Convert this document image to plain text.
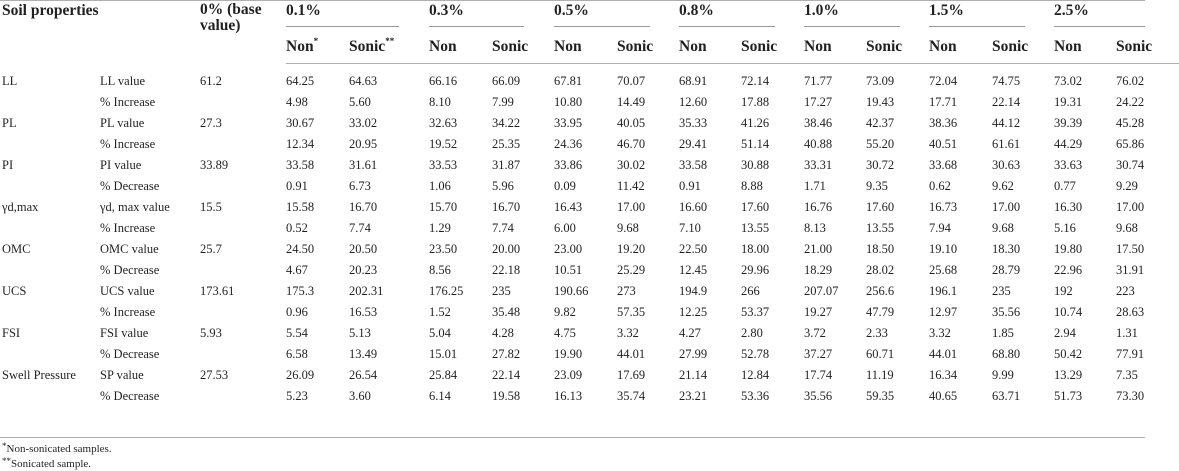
Soil properties		0% (base value)	0.1%		0.3%		0.5%		0.8%		1.0%		1.5%		2.5%	
			Non*	Sonic**	Non	Sonic	Non	Sonic	Non	Sonic	Non	Sonic	Non	Sonic	Non	Sonic
LL	LL value	61.2	64.25	64.63	66.16	66.09	67.81	70.07	68.91	72.14	71.77	73.09	72.04	74.75	73.02	76.02
	% Increase		4.98	5.60	8.10	7.99	10.80	14.49	12.60	17.88	17.27	19.43	17.71	22.14	19.31	24.22
PL	PL value	27.3	30.67	33.02	32.63	34.22	33.95	40.05	35.33	41.26	38.46	42.37	38.36	44.12	39.39	45.28
	% Increase		12.34	20.95	19.52	25.35	24.36	46.70	29.41	51.14	40.88	55.20	40.51	61.61	44.29	65.86
PI	PI value	33.89	33.58	31.61	33.53	31.87	33.86	30.02	33.58	30.88	33.31	30.72	33.68	30.63	33.63	30.74
	% Decrease		0.91	6.73	1.06	5.96	0.09	11.42	0.91	8.88	1.71	9.35	0.62	9.62	0.77	9.29
γd,max	γd, max value	15.5	15.58	16.70	15.70	16.70	16.43	17.00	16.60	17.60	16.76	17.60	16.73	17.00	16.30	17.00
	% Increase		0.52	7.74	1.29	7.74	6.00	9.68	7.10	13.55	8.13	13.55	7.94	9.68	5.16	9.68
OMC	OMC value	25.7	24.50	20.50	23.50	20.00	23.00	19.20	22.50	18.00	21.00	18.50	19.10	18.30	19.80	17.50
	% Decrease		4.67	20.23	8.56	22.18	10.51	25.29	12.45	29.96	18.29	28.02	25.68	28.79	22.96	31.91
UCS	UCS value	173.61	175.3	202.31	176.25	235	190.66	273	194.9	266	207.07	256.6	196.1	235	192	223
	% Increase		0.96	16.53	1.52	35.48	9.82	57.35	12.25	53.37	19.27	47.79	12.97	35.56	10.74	28.63
FSI	FSI value	5.93	5.54	5.13	5.04	4.28	4.75	3.32	4.27	2.80	3.72	2.33	3.32	1.85	2.94	1.31
	% Decrease		6.58	13.49	15.01	27.82	19.90	44.01	27.99	52.78	37.27	60.71	44.01	68.80	50.42	77.91
Swell Pressure	SP value	27.53	26.09	26.54	25.84	22.14	23.09	17.69	21.14	12.84	17.74	11.19	16.34	9.99	13.29	7.35
	% Decrease		5.23	3.60	6.14	19.58	16.13	35.74	23.21	53.36	35.56	59.35	40.65	63.71	51.73	73.30
*Non-sonicated samples.
**Sonicated sample.
